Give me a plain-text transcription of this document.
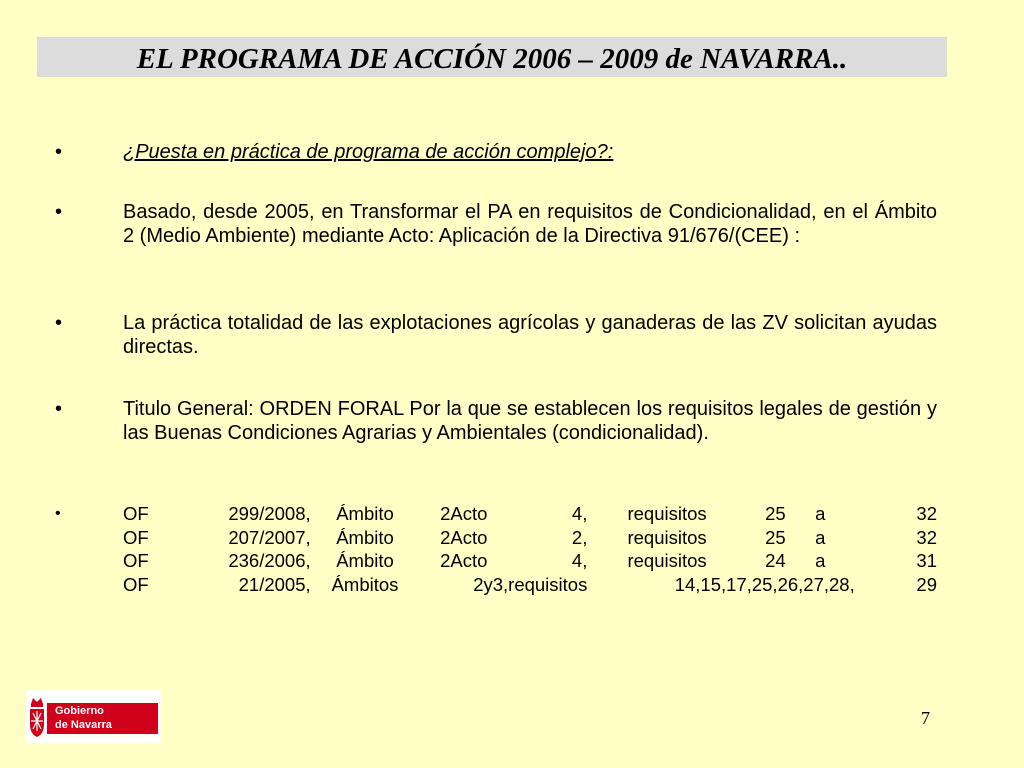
EL PROGRAMA DE ACCIÓN 2006 – 2009 de NAVARRA..
•	¿Puesta en práctica de programa de acción complejo?:
•	Basado, desde 2005, en Transformar el PA en requisitos de Condicionalidad, en el Ámbito 2 (Medio Ambiente) mediante Acto: Aplicación de la Directiva 91/676/(CEE) :
•	La práctica totalidad de las explotaciones agrícolas y ganaderas de las ZV solicitan ayudas directas.
•	Titulo General: ORDEN FORAL Por la que se establecen los requisitos legales de gestión y las Buenas Condiciones Agrarias y Ambientales (condicionalidad).
•	OF	299/2008,	Ámbito	2Acto	4,	requisitos	25	a	32
OF	207/2007,	Ámbito	2Acto	2,	requisitos	25	a	32
OF	236/2006,	Ámbito	2Acto	4,	requisitos	24	a	31
OF	21/2005,	Ámbitos	2y3,	requisitos	14,15,17,25,26,27,28,			29
Gobierno
de Navarra	7
